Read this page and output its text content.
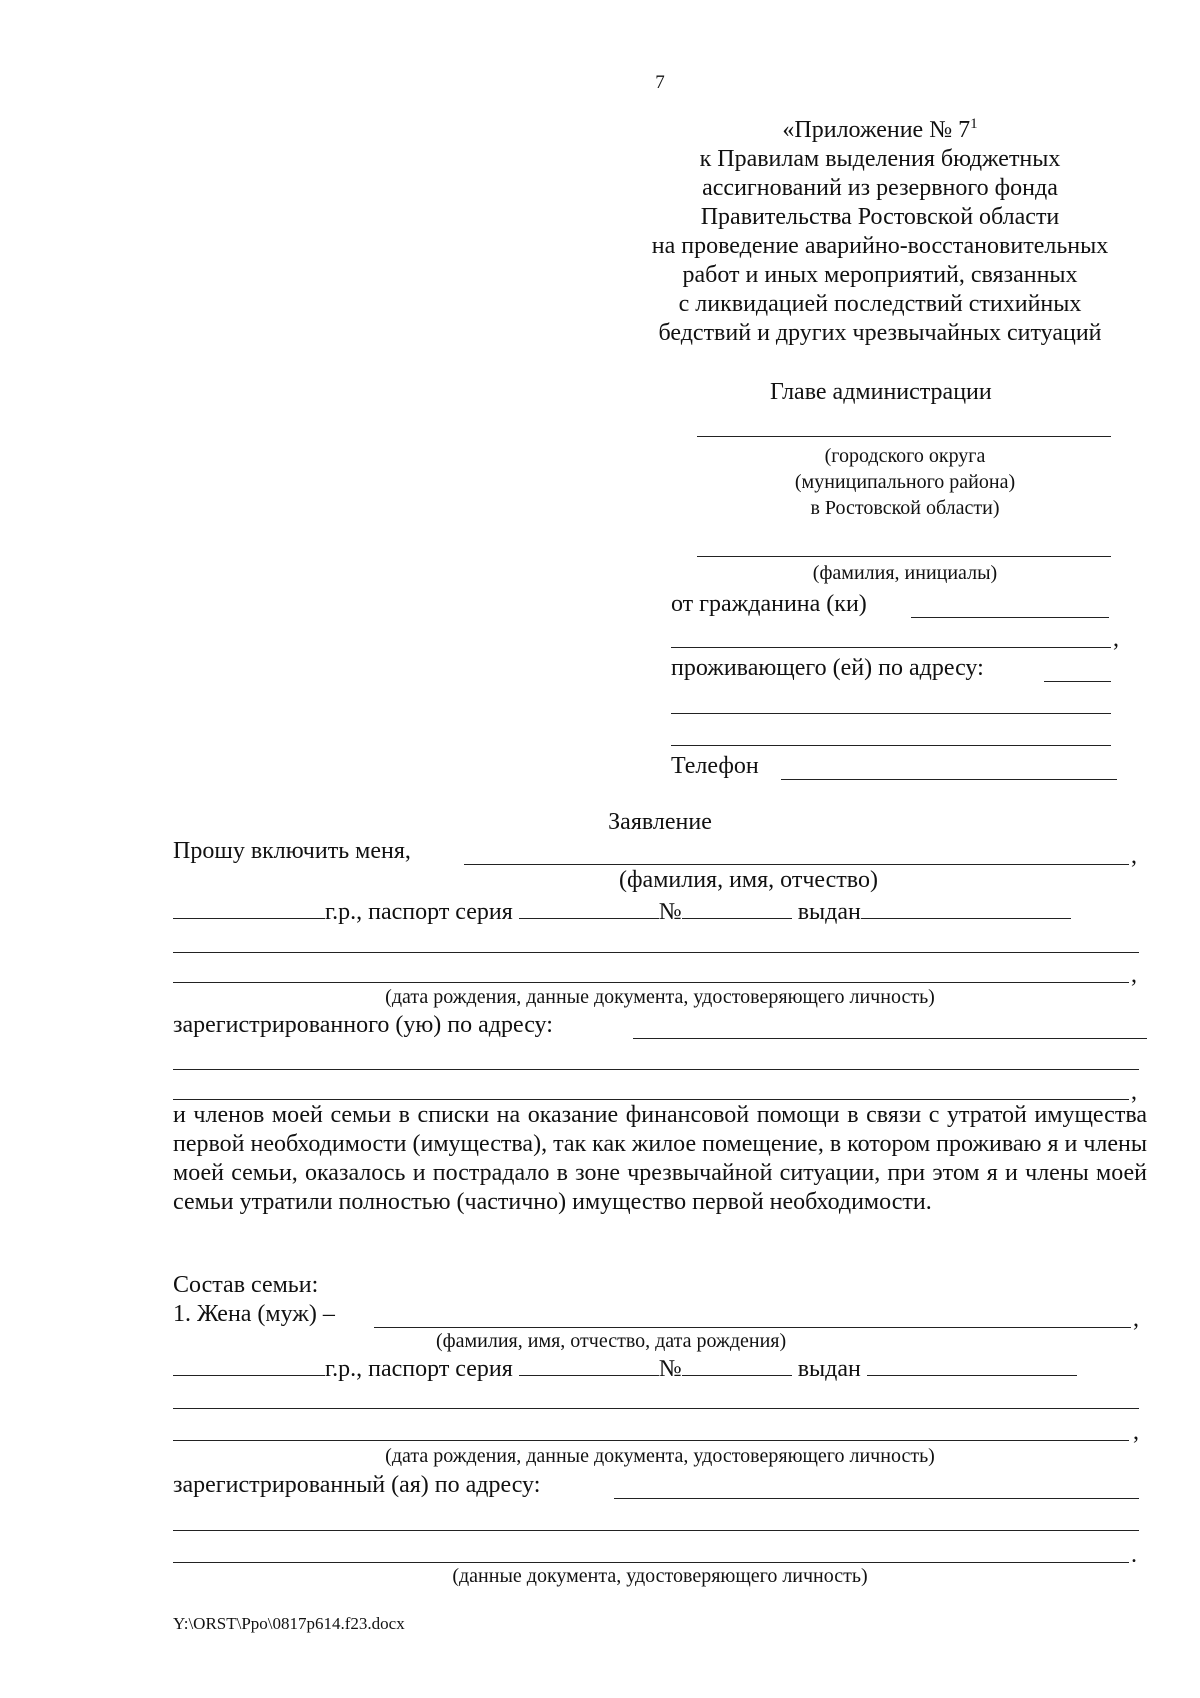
7
«Приложение № $7^1$
к Правилам выделения бюджетных
ассигнований из резервного фонда
Правительства Ростовской области
на проведение аварийно-восстановительных
работ и иных мероприятий, связанных
с ликвидацией последствий стихийных
бедствий и других чрезвычайных ситуаций
Главе администрации
(городского округа
(муниципального района)
в Ростовской области)
(фамилия, инициалы)
от гражданина (ки)
,
проживающего (ей) по адресу:
Телефон
Заявление
Прошу включить меня,	,
(фамилия, имя, отчество)
г.р., паспорт серия	№	выдан
,
(дата рождения, данные документа, удостоверяющего личность)
зарегистрированного (ую) по адресу:
,
и членов моей семьи в списки на оказание финансовой помощи в связи с утратой имущества первой необходимости (имущества), так как жилое помещение, в котором проживаю я и члены моей семьи, оказалось и пострадало в зоне чрезвычайной ситуации, при этом я и члены моей семьи утратили полностью (частично) имущество первой необходимости.
Состав семьи:
1. Жена (муж) –	,
(фамилия, имя, отчество, дата рождения)
г.р., паспорт серия	№	выдан
,
(дата рождения, данные документа, удостоверяющего личность)
зарегистрированный (ая) по адресу:
.
(данные документа, удостоверяющего личность)
Y:\ORST\Ppo\0817p614.f23.docx
